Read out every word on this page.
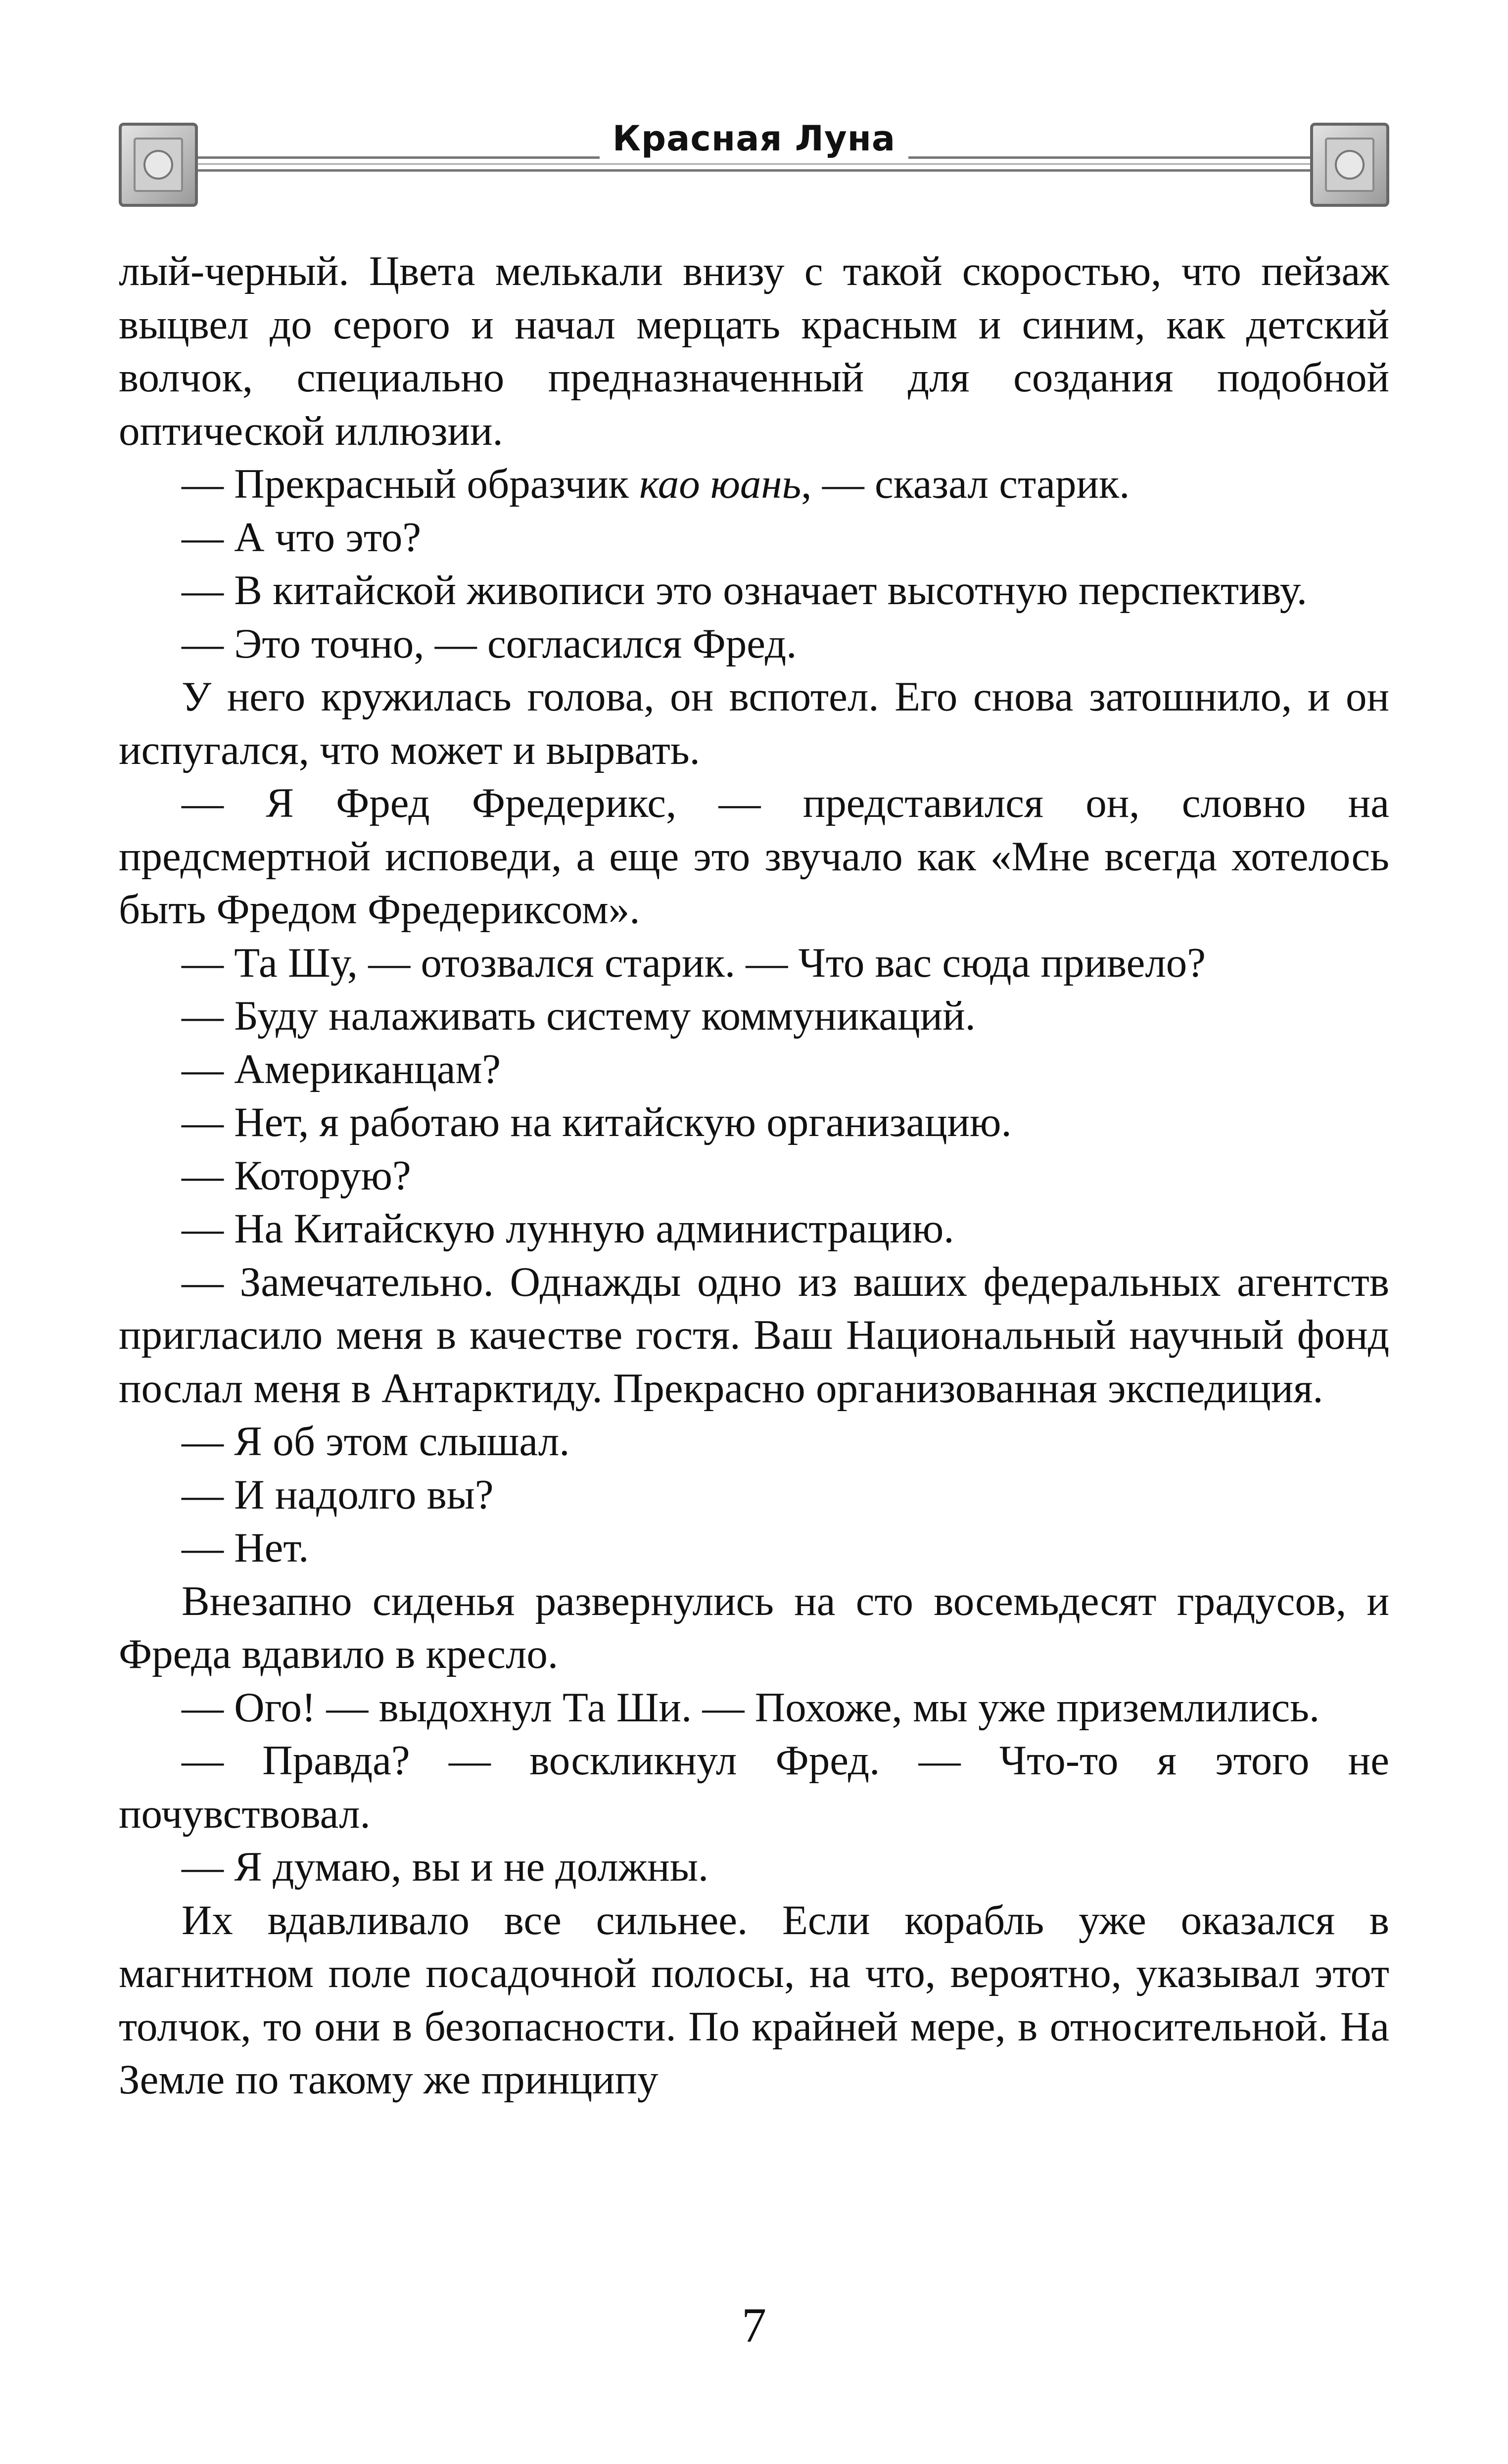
Красная Луна

лый-черный. Цвета мелькали внизу с такой скоростью, что пейзаж выцвел до серого и начал мерцать красным и синим, как детский волчок, специально предназначенный для создания подобной оптической иллюзии.

— Прекрасный образчик као юань, — сказал старик.

— А что это?

— В китайской живописи это означает высотную перспективу.

— Это точно, — согласился Фред.

У него кружилась голова, он вспотел. Его снова затошнило, и он испугался, что может и вырвать.

— Я Фред Фредерикс, — представился он, словно на предсмертной исповеди, а еще это звучало как «Мне всегда хотелось быть Фредом Фредериксом».

— Та Шу, — отозвался старик. — Что вас сюда привело?

— Буду налаживать систему коммуникаций.

— Американцам?

— Нет, я работаю на китайскую организацию.

— Которую?

— На Китайскую лунную администрацию.

— Замечательно. Однажды одно из ваших федеральных агентств пригласило меня в качестве гостя. Ваш Национальный научный фонд послал меня в Антарктиду. Прекрасно организованная экспедиция.

— Я об этом слышал.

— И надолго вы?

— Нет.

Внезапно сиденья развернулись на сто восемьдесят градусов, и Фреда вдавило в кресло.

— Ого! — выдохнул Та Ши. — Похоже, мы уже приземлились.

— Правда? — воскликнул Фред. — Что-то я этого не почувствовал.

— Я думаю, вы и не должны.

Их вдавливало все сильнее. Если корабль уже оказался в магнитном поле посадочной полосы, на что, вероятно, указывал этот толчок, то они в безопасности. По крайней мере, в относительной. На Земле по такому же принципу

7
